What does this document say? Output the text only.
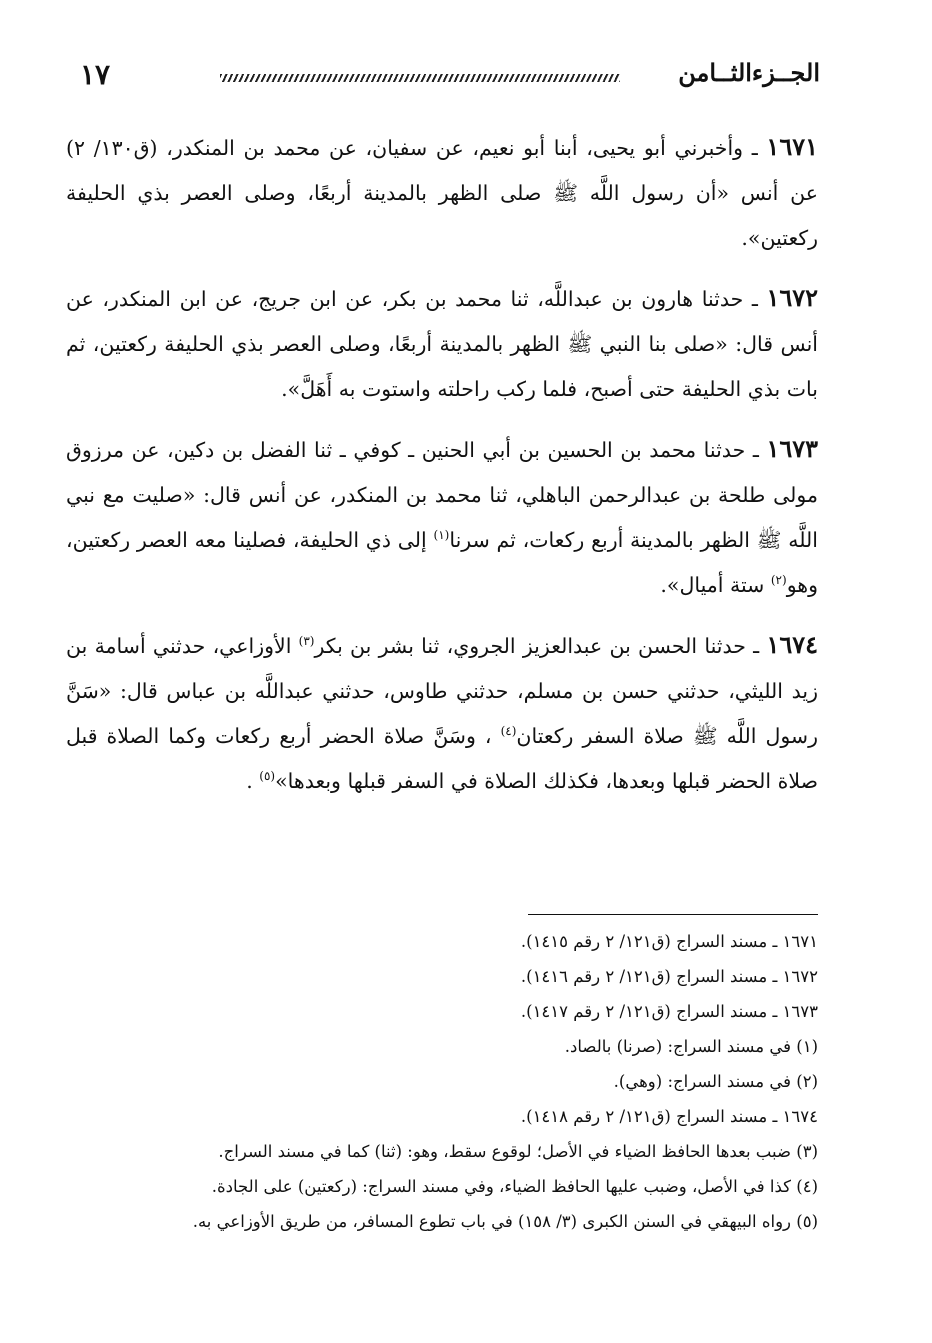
١٧	الجــزءالثــامن

١٦٧١ ـ وأخبرني أبو يحيى، أبنا أبو نعيم، عن سفيان، عن محمد بن المنكدر، (ق١٣٠/ ٢) عن أنس «أن رسول اللَّه ﷺ صلى الظهر بالمدينة أربعًا، وصلى العصر بذي الحليفة ركعتين».

١٦٧٢ ـ حدثنا هارون بن عبداللَّه، ثنا محمد بن بكر، عن ابن جريج، عن ابن المنكدر، عن أنس قال: «صلى بنا النبي ﷺ الظهر بالمدينة أربعًا، وصلى العصر بذي الحليفة ركعتين، ثم بات بذي الحليفة حتى أصبح، فلما ركب راحلته واستوت به أَهَلَّ».

١٦٧٣ ـ حدثنا محمد بن الحسين بن أبي الحنين ـ كوفي ـ ثنا الفضل بن دكين، عن مرزوق مولى طلحة بن عبدالرحمن الباهلي، ثنا محمد بن المنكدر، عن أنس قال: «صليت مع نبي اللَّه ﷺ الظهر بالمدينة أربع ركعات، ثم سرنا$^{(١)}$ إلى ذي الحليفة، فصلينا معه العصر ركعتين، وهو$^{(٢)}$ ستة أميال».

١٦٧٤ ـ حدثنا الحسن بن عبدالعزيز الجروي، ثنا بشر بن بكر$^{(٣)}$ الأوزاعي، حدثني أسامة بن زيد الليثي، حدثني حسن بن مسلم، حدثني طاوس، حدثني عبداللَّه بن عباس قال: «سَنَّ رسول اللَّه ﷺ صلاة السفر ركعتان$^{(٤)}$ ، وسَنَّ صلاة الحضر أربع ركعات وكما الصلاة قبل صلاة الحضر قبلها وبعدها، فكذلك الصلاة في السفر قبلها وبعدها»$^{(٥)}$ .

١٦٧١ ـ مسند السراج (ق١٢١/ ٢ رقم ١٤١٥).
١٦٧٢ ـ مسند السراج (ق١٢١/ ٢ رقم ١٤١٦).
١٦٧٣ ـ مسند السراج (ق١٢١/ ٢ رقم ١٤١٧).
(١) في مسند السراج: (صرنا) بالصاد.
(٢) في مسند السراج: (وهي).
١٦٧٤ ـ مسند السراج (ق١٢١/ ٢ رقم ١٤١٨).
(٣) ضبب بعدها الحافظ الضياء في الأصل؛ لوقوع سقط، وهو: (ثنا) كما في مسند السراج.
(٤) كذا في الأصل، وضبب عليها الحافظ الضياء، وفي مسند السراج: (ركعتين) على الجادة.
(٥) رواه البيهقي في السنن الكبرى (٣/ ١٥٨) في باب تطوع المسافر، من طريق الأوزاعي به.
